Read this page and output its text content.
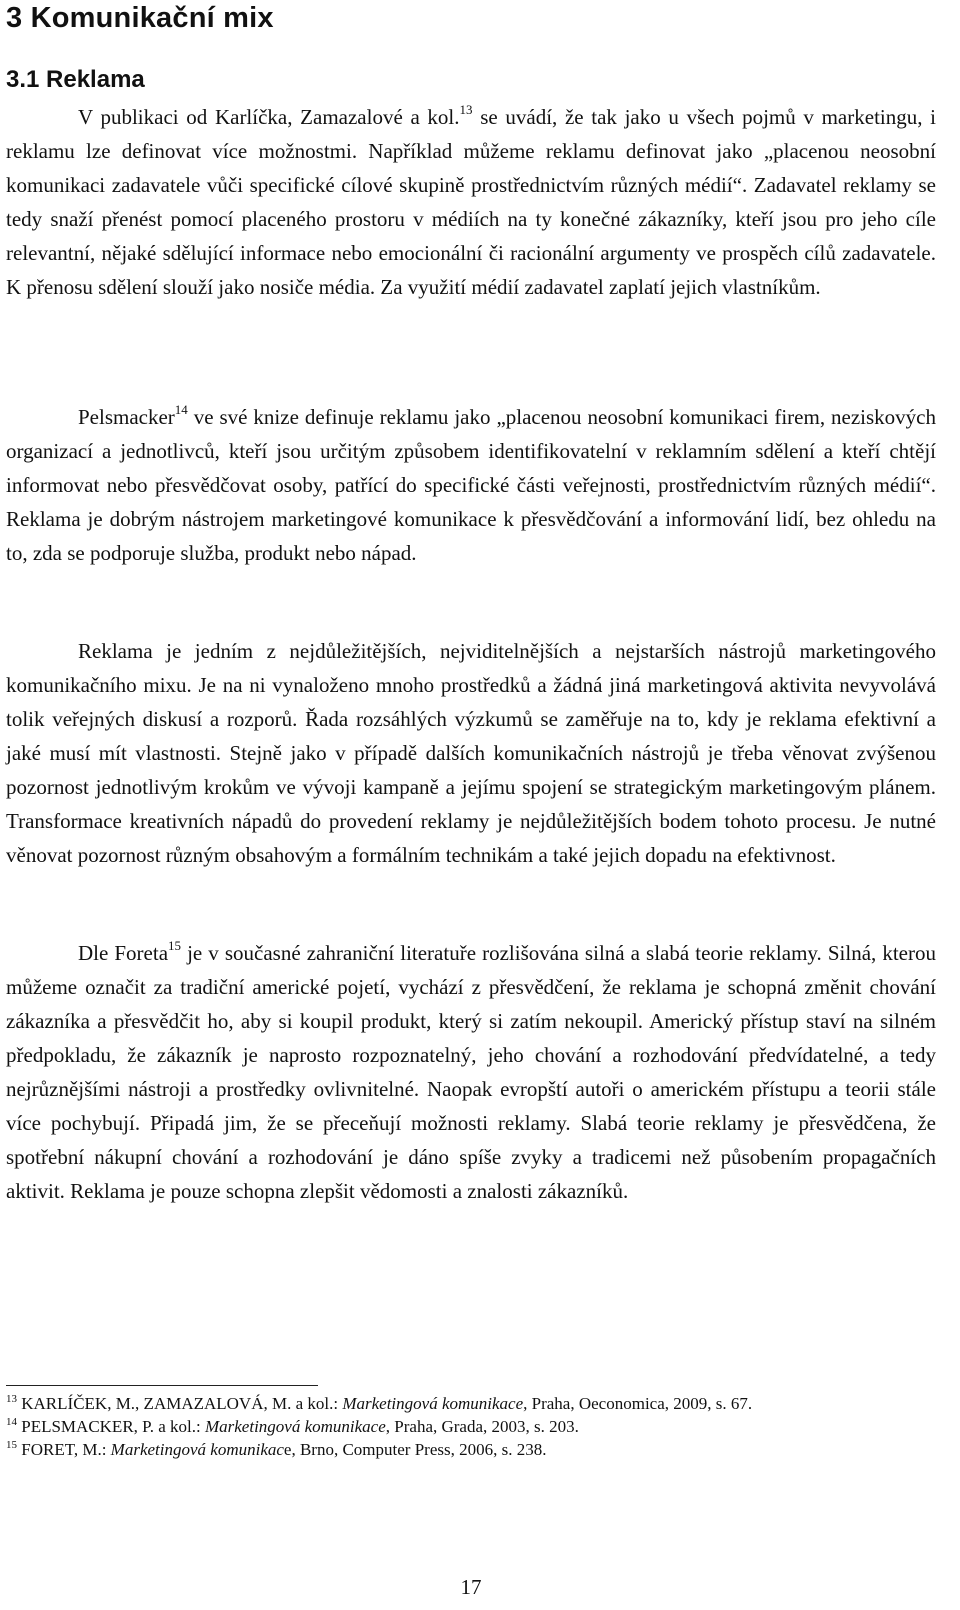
3 Komunikační mix
3.1 Reklama

V publikaci od Karlíčka, Zamazalové a kol.$^{13}$ se uvádí, že tak jako u všech pojmů v marketingu, i reklamu lze definovat více možnostmi. Například můžeme reklamu definovat jako „placenou neosobní komunikaci zadavatele vůči specifické cílové skupině prostřednictvím různých médií“. Zadavatel reklamy se tedy snaží přenést pomocí placeného prostoru v médiích na ty konečné zákazníky, kteří jsou pro jeho cíle relevantní, nějaké sdělující informace nebo emocionální či racionální argumenty ve prospěch cílů zadavatele. K přenosu sdělení slouží jako nosiče média. Za využití médií zadavatel zaplatí jejich vlastníkům.

Pelsmacker$^{14}$ ve své knize definuje reklamu jako „placenou neosobní komunikaci firem, neziskových organizací a jednotlivců, kteří jsou určitým způsobem identifikovatelní v reklamním sdělení a kteří chtějí informovat nebo přesvědčovat osoby, patřící do specifické části veřejnosti, prostřednictvím různých médií“. Reklama je dobrým nástrojem marketingové komunikace k přesvědčování a informování lidí, bez ohledu na to, zda se podporuje služba, produkt nebo nápad.

Reklama je jedním z nejdůležitějších, nejviditelnějších a nejstarších nástrojů marketingového komunikačního mixu. Je na ni vynaloženo mnoho prostředků a žádná jiná marketingová aktivita nevyvolává tolik veřejných diskusí a rozporů. Řada rozsáhlých výzkumů se zaměřuje na to, kdy je reklama efektivní a jaké musí mít vlastnosti. Stejně jako v případě dalších komunikačních nástrojů je třeba věnovat zvýšenou pozornost jednotlivým krokům ve vývoji kampaně a jejímu spojení se strategickým marketingovým plánem. Transformace kreativních nápadů do provedení reklamy je nejdůležitějších bodem tohoto procesu. Je nutné věnovat pozornost různým obsahovým a formálním technikám a také jejich dopadu na efektivnost.

Dle Foreta$^{15}$ je v současné zahraniční literatuře rozlišována silná a slabá teorie reklamy. Silná, kterou můžeme označit za tradiční americké pojetí, vychází z přesvědčení, že reklama je schopná změnit chování zákazníka a přesvědčit ho, aby si koupil produkt, který si zatím nekoupil. Americký přístup staví na silném předpokladu, že zákazník je naprosto rozpoznatelný, jeho chování a rozhodování předvídatelné, a tedy nejrůznějšími nástroji a prostředky ovlivnitelné. Naopak evropští autoři o americkém přístupu a teorii stále více pochybují. Připadá jim, že se přeceňují možnosti reklamy. Slabá teorie reklamy je přesvědčena, že spotřební nákupní chování a rozhodování je dáno spíše zvyky a tradicemi než působením propagačních aktivit. Reklama je pouze schopna zlepšit vědomosti a znalosti zákazníků.

$^{13}$ KARLÍČEK, M., ZAMAZALOVÁ, M. a kol.: Marketingová komunikace, Praha, Oeconomica, 2009, s. 67.

$^{14}$ PELSMACKER, P. a kol.: Marketingová komunikace, Praha, Grada, 2003, s. 203.

$^{15}$ FORET, M.: Marketingová komunikace, Brno, Computer Press, 2006, s. 238.

17
